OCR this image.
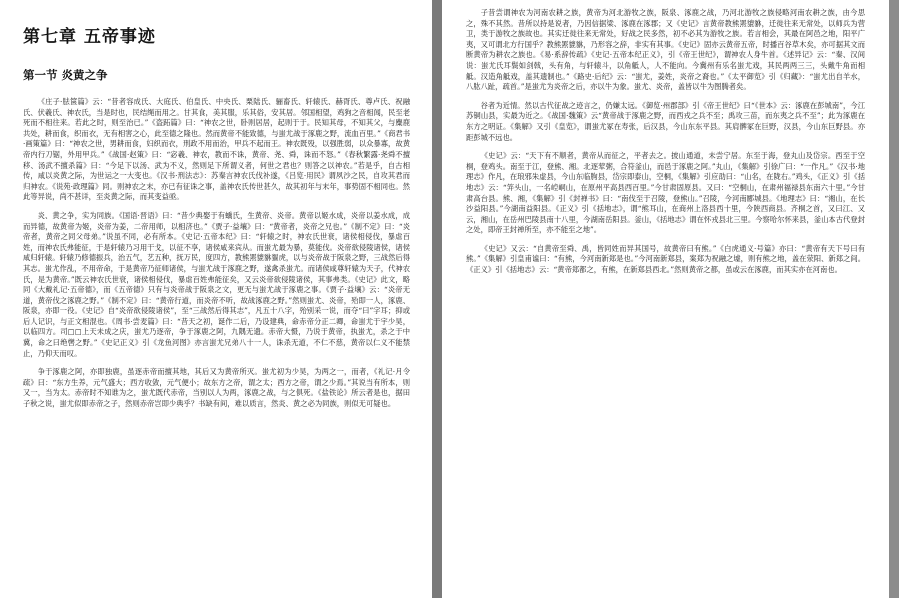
第七章 五帝事迹
第一节 炎黄之争

《庄子·胠箧篇》云：“昔者容成氏、大庭氏、伯皇氏、中央氏、栗陆氏、骊畜氏、轩辕氏、赫胥氏、尊卢氏、祝融氏、伏羲氏、神农氏，当是时也，民结绳而用之。甘其食，美其服，乐其俗，安其居。邻国相望，鸡狗之音相闻，民至老死而不相往来。若此之时，则至治已。”《盗跖篇》曰：“神农之世，卧则居居，起则于于。民知其母，不知其父，与麋鹿共处，耕而食，织而衣，无有相害之心，此至德之隆也。然而黄帝不能致德，与蚩尤战于涿鹿之野，流血百里。”《商君书·画策篇》曰：“神农之世，男耕而食，妇织而衣，刑政不用而治，甲兵不起而王。神农既殁，以强胜弱，以众暴寡，故黄帝内行刀锯，外用甲兵。”《战国·赵策》曰：“宓羲、神农，教而不诛，黄帝、尧、舜，诛而不怒。”《春秋繁露·尧舜不擅移、汤武不擅杀篇》曰：“今足下以汤、武为不义，然则足下所谓义者，何世之君也？则答之以神农。”若是乎，自古相传，咸以炎黄之际，为世运之一大变也。《汉书·刑法志》：苏秦言神农氏伐补遂，《吕览·用民》谓夙沙之民，自攻其君而归神农。《说苑·政理篇》同。则神农之末，亦已有征诛之事，盖神农氏传世甚久，故其初年与末年，事势固不相同也。然此等异说，尚不甚详，至炎黄之际，而其变益亟。

炎、黄之争，实为同族。《国语·晋语》曰：“昔少典娶于有蟜氏，生黄帝、炎帝。黄帝以姬水成，炎帝以姜水成，成而异德，故黄帝为姬，炎帝为姜，二帝用师，以相济也。”《贾子·益壤》曰：“黄帝者，炎帝之兄也。”《制不定》曰：“炎帝者，黄帝之同父母弟。”说虽不同，必有所本。《史记·五帝本纪》曰：“轩辕之时，神农氏世衰，诸侯相侵伐，暴虐百姓，而神农氏弗能征，于是轩辕乃习用干戈，以征不享，诸侯咸来宾从。而蚩尤最为暴，莫能伐。炎帝欲侵陵诸侯，诸侯咸归轩辕。轩辕乃修德振兵，治五气，艺五种，抚万民，度四方，教熊罴貔貅貙虎，以与炎帝战于阪泉之野，三战然后得其志。蚩尤作乱，不用帝命，于是黄帝乃征师诸侯，与蚩尤战于涿鹿之野，遂禽杀蚩尤。而诸侯咸尊轩辕为天子，代神农氏，是为黄帝。”既云神农氏世衰，诸侯相侵伐，暴虐百姓弗能征矣，又云炎帝欲侵陵诸侯，其事弗类。《史记》此文，略同《大戴礼记·五帝德》，而《五帝德》只有与炎帝战于阪泉之文，更无与蚩尤战于涿鹿之事。《贾子·益壤》云：“炎帝无道，黄帝伐之涿鹿之野。”《制不定》曰：“黄帝行道，而炎帝不听，故战涿鹿之野。”然则蚩尤、炎帝，殆即一人，涿鹿、阪泉，亦即一役。《史记》自“炎帝欲侵陵诸侯”，至“三战然后得其志”，凡五十八字，殆别采一说，而夺“曰”字耳；抑或后人记识，与正文相混也。《周书·尝麦篇》曰：“昔天之初，诞作二后，乃设建典，命赤帝分正二卿，命蚩尤于宇少昊，以临四方。司□□上天未成之庆，蚩尤乃逐帝，争于涿鹿之阿，九隅无遗。赤帝大慑，乃说于黄帝，执蚩尤，杀之于中冀，命之曰绝辔之野。”《史记正义》引《龙鱼河图》亦言蚩尤兄弟八十一人，诛杀无道，不仁不慈，黄帝以仁义不能禁止，乃仰天而叹。

争于涿鹿之阿，亦即独鹿，虽逐赤帝而擅其地，其后又为黄帝所灭。蚩尤初为少昊，为两之一，而者，《礼记·月令疏》曰：“东方生养，元气盛大；西方收敛，元气便小；故东方之帝，谓之太；西方之帝，谓之少焉。”其说当有所本，则又一，当为太。赤帝时不知谁为之，蚩尤既代赤帝，当别以人为两，涿鹿之战，与之俱死。《盐铁论》所云者是也，据田子秋之说，蚩尤似即赤帝之子，然则赤帝岂即少典乎？书缺有间，难以质言，然炎、黄之必为同族，则似无可疑也。

子昔尝谓神农为河南农耕之族，黄帝为河北游牧之族，阪泉、涿鹿之战，乃河北游牧之族侵略河南农耕之族，由今思之，殊不其然。昔所以持是说者，乃因信据梁、涿鹿在涿郡；又《史记》言黄帝教熊罴貔貅，迁徙往来无常处，以师兵为营卫，类于游牧之族故也。其实迁徙往来无常处，好战之民多然，初不必其为游牧之族。若言相会，其最在阿邑之地，阳平广夷，又可谓北方行国乎？教熊罴貔貅，乃形容之辞，非实有其事。《史记》固亦云黄帝五帝，时播百谷草木矣，亦可据其文而断黄帝为耕农之族也。《易·系辞传疏》《史记·五帝本纪正义》，引《帝王世纪》，谓神农人身牛首。《述异记》云：“秦、汉间说：蚩尤氏耳鬓如剑戟，头有角，与轩辕斗，以角觝人，人不能向。今冀州有乐名蚩尤戏，其民两两三三，头戴牛角而相觝。汉造角觝戏，盖其遗制也。”《路史·后纪》云：“蚩尤，姜姓，炎帝之裔也。”《太平御览》引《归藏》：“蚩尤出自羊水，八肱八趾，疏首。”是蚩尤为炎帝之后，亦以牛为象。蚩尤、炎帝，盖皆以牛为图腾者矣。

谷者为近情。然以古代征战之迹言之，仍嫌太远。《御览·州郡部》引《帝王世纪》曰“《世本》云：涿鹿在彭城南”，今江苏铜山县，实最为近之。《战国·魏策》云“黄帝战于涿鹿之野，而西戎之兵不至；禹攻三苗，而东夷之兵不至”；此为涿鹿在东方之明证。《集解》又引《皇览》，谓蚩尤冢在寿张，后汉县，今山东东平县。其肩髀冢在巨野，汉县，今山东巨野县。亦距彭城不远也。

《史记》云：“天下有不顺者，黄帝从而征之，平者去之。披山通道，未尝宁居。东至于海，登丸山及岱宗。西至于空桐，登鸡头。南至于江，登熊、湘。北逐荤粥，合符釜山，而邑于涿鹿之阿。”丸山，《集解》引徐广曰：“一作凡。”《汉书·地理志》作凡，在琅邪朱虚县，今山东临朐县，岱宗即泰山，空桐，《集解》引应劭曰：“山名，在陇右。”鸡头，《正义》引《括地志》云：“笄头山，一名崆峒山，在原州平高县西百里。”今甘肃固原县。又曰：“空桐山，在肃州福禄县东南六十里。”今甘肃高台县。熊、湘，《集解》引《封禅书》曰：“南伐至于召陵，登熊山。”召陵，今河南郾城县。《地理志》曰：“湘山，在长沙益阳县。”今湖南益阳县。《正义》引《括地志》，谓“熊耳山，在商州上洛县西十里，今陕西商县。齐桐之首，又曰江、又云，湘山，在岳州巴陵县南十八里，今湖南岳阳县。釜山，《括地志》谓在怀戎县北三里。今察哈尔怀来县，釜山本古代登封之处，即帝王封禅所至，亦不能至之地”。

《史记》又云：“自黄帝至舜、禹，皆同姓而异其国号，故黄帝曰有熊。”《白虎通义·号篇》亦曰：“黄帝有天下号曰有熊。”《集解》引皇甫谧曰：“有熊，今河南新郑是也。”今河南新郑县，案郑为祝融之墟，则有熊之地，盖在荥阳、新郑之间。《正义》引《括地志》云：“黄帝郑都之，有熊，在新郑县西北。”然则黄帝之都，虽或云在涿鹿，而其实亦在河南也。
